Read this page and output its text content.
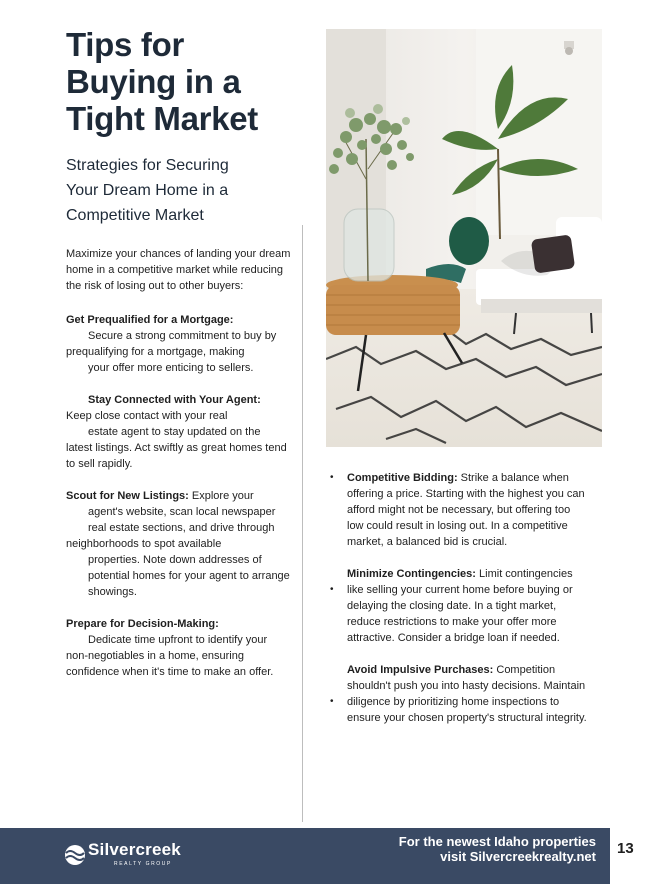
Tips for
Buying in a
Tight Market

Strategies for Securing
Your Dream Home in a
Competitive Market

Maximize your chances of landing your dream home in a competitive market while reducing the risk of losing out to other buyers:

Get Prequalified for a Mortgage:

Secure a strong commitment to buy by prequalifying for a mortgage, making

your offer more enticing to sellers.

Stay Connected with Your Agent:

Keep close contact with your real

estate agent to stay updated on the

latest listings. Act swiftly as great homes tend to sell rapidly.

Scout for New Listings: Explore your

agent's website, scan local newspaper real estate sections, and drive through

neighborhoods to spot available

properties. Note down addresses of potential homes for your agent to arrange showings.

Prepare for Decision-Making:

Dedicate time upfront to identify your

non-negotiables in a home, ensuring confidence when it's time to make an offer.

• Competitive Bidding: Strike a balance when offering a price. Starting with the highest you can afford might not be necessary, but offering too low could result in losing out. In a competitive market, a balanced bid is crucial.
•
Minimize Contingencies: Limit contingencies like selling your current home before buying or delaying the closing date. In a tight market, reduce restrictions to make your offer more attractive. Consider a bridge loan if needed.
•
Avoid Impulsive Purchases: Competition shouldn't push you into hasty decisions. Maintain diligence by prioritizing home inspections to ensure your chosen property's structural integrity.
Silvercreek
REALTY GROUP
For the newest Idaho properties
visit Silvercreekrealty.net 13
